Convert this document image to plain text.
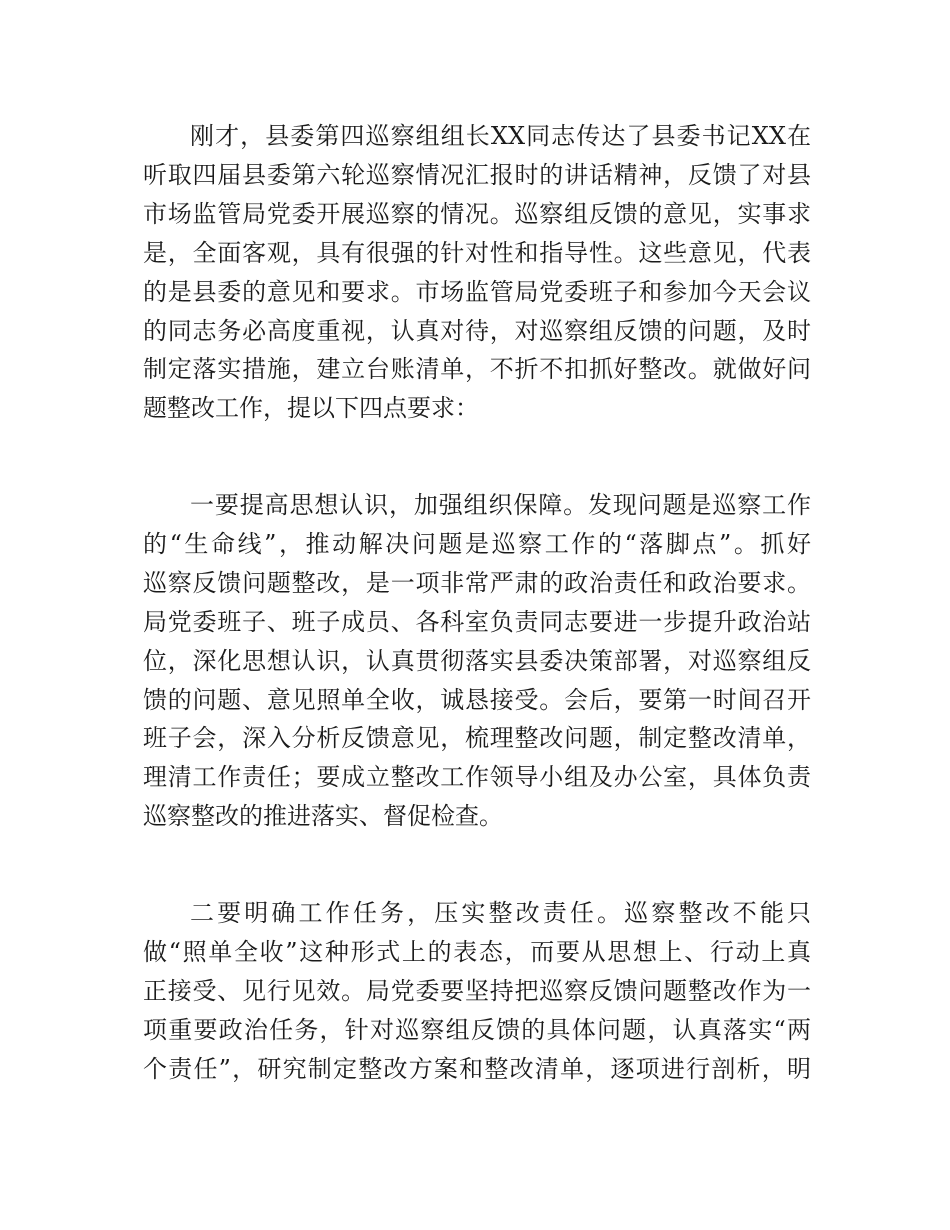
刚才，县委第四巡察组组长XX同志传达了县委书记XX在
听取四届县委第六轮巡察情况汇报时的讲话精神，反馈了对县
市场监管局党委开展巡察的情况。巡察组反馈的意见，实事求
是，全面客观，具有很强的针对性和指导性。这些意见，代表
的是县委的意见和要求。市场监管局党委班子和参加今天会议
的同志务必高度重视，认真对待，对巡察组反馈的问题，及时
制定落实措施，建立台账清单，不折不扣抓好整改。就做好问
题整改工作，提以下四点要求：
一要提高思想认识，加强组织保障。发现问题是巡察工作
的“生命线”，推动解决问题是巡察工作的“落脚点”。抓好
巡察反馈问题整改，是一项非常严肃的政治责任和政治要求。
局党委班子、班子成员、各科室负责同志要进一步提升政治站
位，深化思想认识，认真贯彻落实县委决策部署，对巡察组反
馈的问题、意见照单全收，诚恳接受。会后，要第一时间召开
班子会，深入分析反馈意见，梳理整改问题，制定整改清单，
理清工作责任；要成立整改工作领导小组及办公室，具体负责
巡察整改的推进落实、督促检查。
二要明确工作任务，压实整改责任。巡察整改不能只
做“照单全收”这种形式上的表态，而要从思想上、行动上真
正接受、见行见效。局党委要坚持把巡察反馈问题整改作为一
项重要政治任务，针对巡察组反馈的具体问题，认真落实“两
个责任”，研究制定整改方案和整改清单，逐项进行剖析，明
